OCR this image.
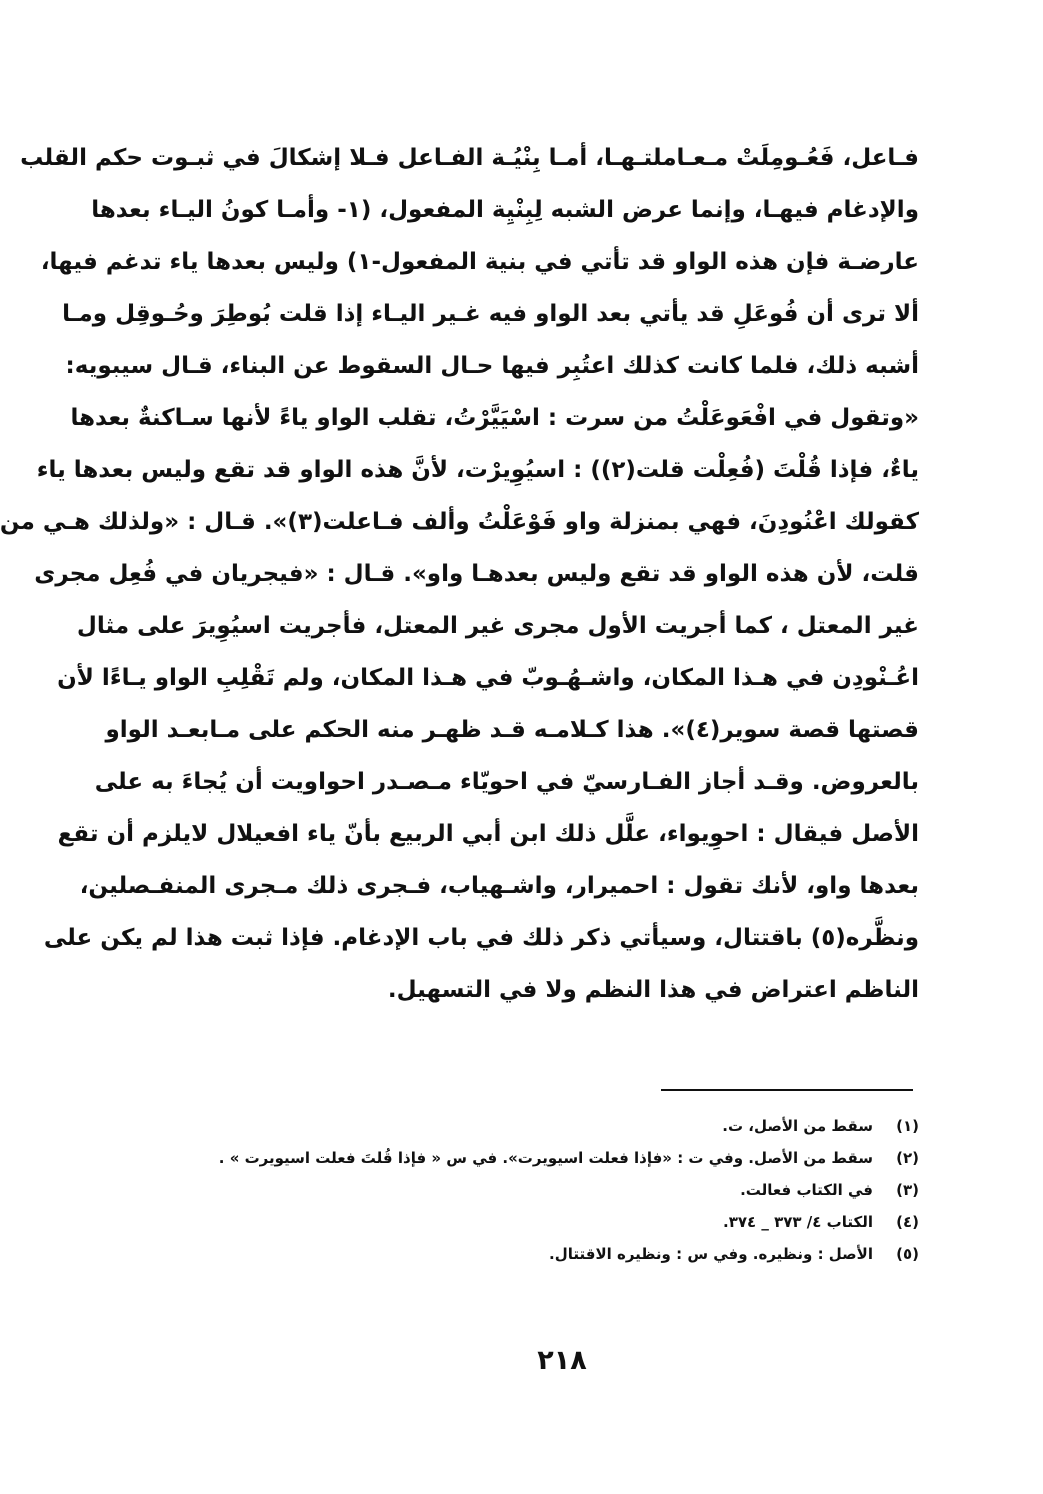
فـاعل، فَعُـومِلَتْ مـعـاملتـهـا، أمـا بِنْيُـة الفـاعل فـلا إشكالَ في ثبـوت حكم القلب
والإدغام فيهـا، وإنما عرض الشبه لِبِنْيِة المفعول، (١- وأمـا كونُ اليـاء بعدها
عارضـة فإن هذه الواو قد تأتي في بنية المفعول-١) وليس بعدها ياء تدغم فيها،
ألا ترى أن فُوعَلِ قد يأتي بعد الواو فيه غـير اليـاء إذا قلت بُوطِرَ وحُـوقِل ومـا
أشبه ذلك، فلما كانت كذلك اعتُبِر فيها حـال السقوط عن البناء، قـال سيبويه:
«وتقول في افْعَوعَلْتُ من سرت : اسْيَيَّرْتُ، تقلب الواو ياءً لأنها سـاكنةٌ بعدها
ياءٌ، فإذا قُلْتَ (فُعِلْت قلت(٢)) : اسيُوِيرْت، لأنَّ هذه الواو قد تقع وليس بعدها ياء
كقولك اعْنُودِنَ، فهي بمنزلة واو فَوْعَلْتُ وألف فـاعلت(٣)». قـال : «ولذلك هـي من
قلت، لأن هذه الواو قد تقع وليس بعدهـا واو». قـال : «فيجريان في فُعِل مجرى
غير المعتل ، كما أجريت الأول مجرى غير المعتل، فأجريت اسيُوِيرَ على مثال
اعُـنْودِن في هـذا المكان، واشـهُـوبّ في هـذا المكان، ولم تَقْلِبِ الواو يـاءًا لأن
قصتها قصة سوير(٤)». هذا كـلامـه قـد ظهـر منه الحكم على مـابعـد الواو
بالعروض. وقـد أجاز الفـارسيّ في احويّاء مـصـدر احواويت أن يُجاءَ به على
الأصل فيقال : احوِيواء، علَّل ذلك ابن أبي الربيع بأنّ ياء افعيلال لايلزم أن تقع
بعدها واو، لأنك تقول : احميرار، واشـهياب، فـجرى ذلك مـجرى المنفـصلين،
ونظَّره(٥) باقتتال، وسيأتي ذكر ذلك في باب الإدغام. فإذا ثبت هذا لم يكن على
الناظم اعتراض في هذا النظم ولا في التسهيل.
(١)
سقط من الأصل، ت.
(٢)
سقط من الأصل. وفي ت : «فإذا فعلت اسيويرت». في س « فإذا قُلتَ فعلت اسيويرت » .
(٣)
في الكتاب فعالت.
(٤)
الكتاب ٤/ ٣٧٣ _ ٣٧٤.
(٥)
الأصل : ونظيره. وفي س : ونظيره الاقتتال.
٢١٨
